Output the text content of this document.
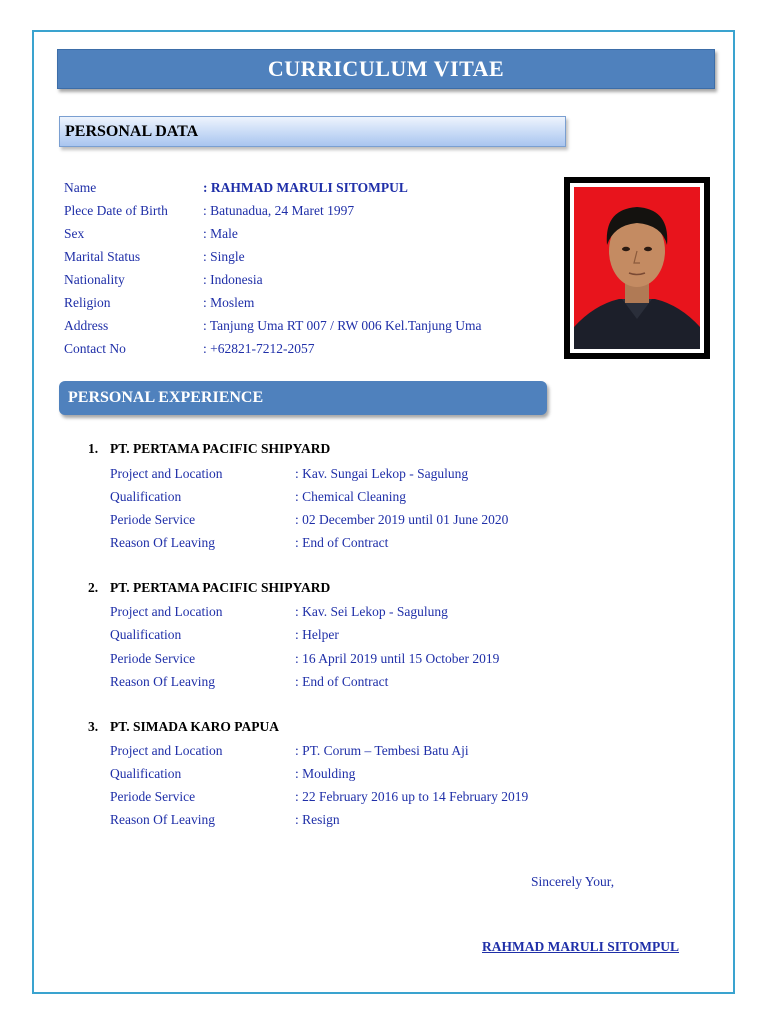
CURRICULUM VITAE
PERSONAL DATA
Name	: RAHMAD MARULI SITOMPUL
Plece Date of Birth	: Batunadua, 24 Maret 1997
Sex	: Male
Marital Status	: Single
Nationality	: Indonesia
Religion	: Moslem
Address	: Tanjung Uma RT 007 / RW 006 Kel.Tanjung Uma
Contact No	: +62821-7212-2057
PERSONAL EXPERIENCE
1. PT. PERTAMA PACIFIC SHIPYARD
Project and Location	: Kav. Sungai Lekop - Sagulung
Qualification	: Chemical Cleaning
Periode Service	: 02 December 2019 until 01 June 2020
Reason Of Leaving	: End of Contract
2. PT. PERTAMA PACIFIC SHIPYARD
Project and Location	: Kav. Sei Lekop - Sagulung
Qualification	: Helper
Periode Service	: 16 April 2019 until 15 October 2019
Reason Of Leaving	: End of Contract
3. PT. SIMADA KARO PAPUA
Project and Location	: PT. Corum – Tembesi Batu Aji
Qualification	: Moulding
Periode Service	: 22 February 2016 up to 14 February 2019
Reason Of Leaving	: Resign
Sincerely Your,
RAHMAD MARULI SITOMPUL
